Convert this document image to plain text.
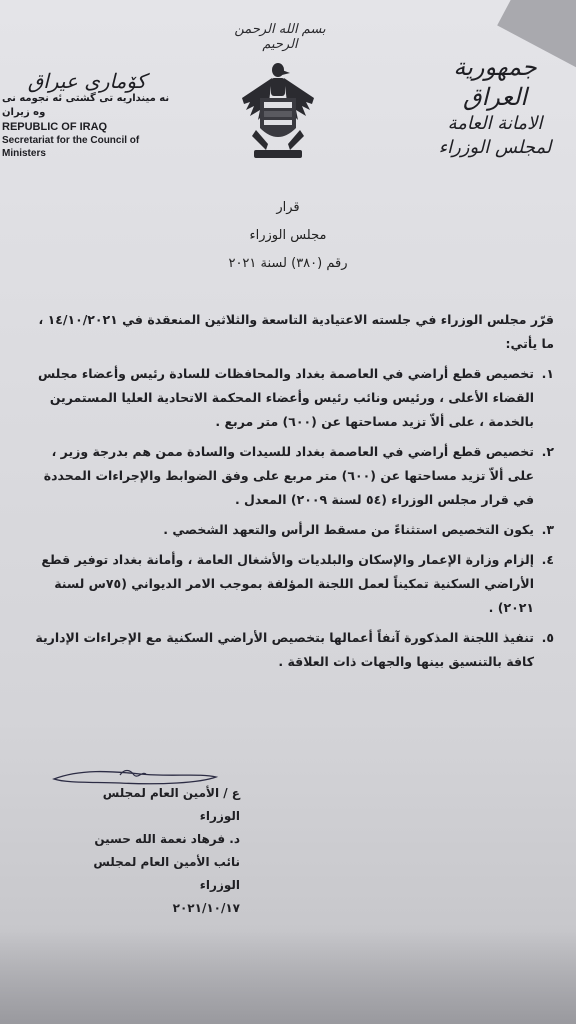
بسم الله الرحمن الرحيم
كۆماری عیراق
نه مینداریه تی گشتی ئه نجومه نی وه زیران
REPUBLIC OF IRAQ
Secretariat for the Council of Ministers
جمهورية العراق
الامانة العامة لمجلس الوزراء
قرار
مجلس الوزراء
رقم (٣٨٠) لسنة ٢٠٢١
قرّر مجلس الوزراء في جلسته الاعتيادية التاسعة والثلاثين المنعقدة في ١٤/١٠/٢٠٢١ ، ما يأتي:
١.
تخصيص قطع أراضي في العاصمة بغداد والمحافظات للسادة رئيس وأعضاء مجلس القضاء الأعلى ، ورئيس ونائب رئيس وأعضاء المحكمة الاتحادية العليا المستمرين بالخدمة ، على ألاّ تزيد مساحتها عن (٦٠٠) متر مربع .
٢.
تخصيص قطع أراضي في العاصمة بغداد للسيدات والسادة ممن هم بدرجة وزير ، على ألاّ تزيد مساحتها عن (٦٠٠) متر مربع على وفق الضوابط والإجراءات المحددة في قرار مجلس الوزراء (٥٤ لسنة ٢٠٠٩) المعدل .
٣.
يكون التخصيص استثناءً من مسقط الرأس والتعهد الشخصي .
٤.
إلزام وزارة الإعمار والإسكان والبلديات والأشغال العامة ، وأمانة بغداد توفير قطع الأراضي السكنية تمكيناً لعمل اللجنة المؤلفة بموجب الامر الديواني (٧٥س لسنة ٢٠٢١) .
٥.
تنفيذ اللجنة المذكورة آنفاً أعمالها بتخصيص الأراضي السكنية مع الإجراءات الإدارية كافة بالتنسيق بينها والجهات ذات العلاقة .
ع / الأمين العام لمجلس الوزراء
د. فرهاد نعمة الله حسين
نائب الأمين العام لمجلس الوزراء
٢٠٢١/١٠/١٧
